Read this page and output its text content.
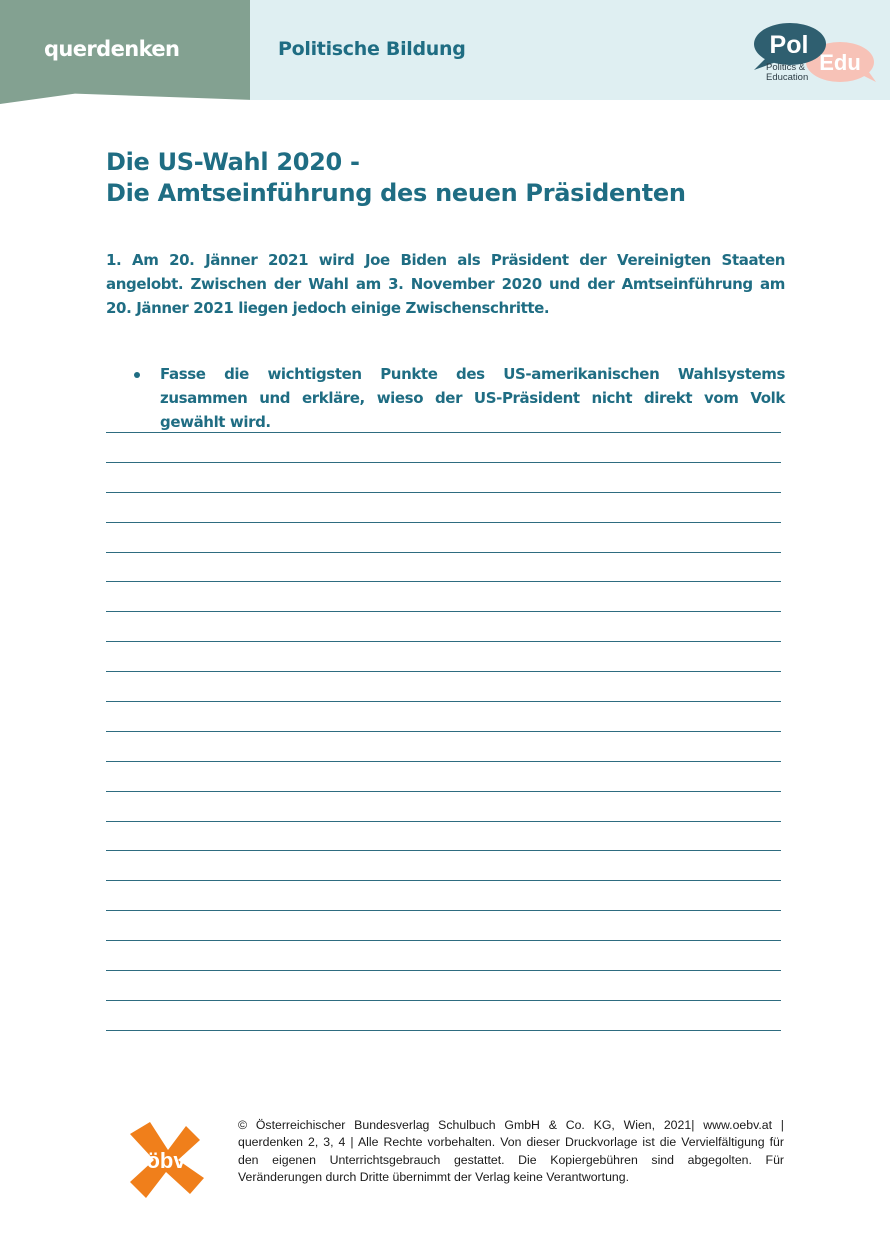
querdenken	Politische Bildung	Pol
Edu
Politics &
Education
Die US-Wahl 2020 -
Die Amtseinführung des neuen Präsidenten

1. Am 20. Jänner 2021 wird Joe Biden als Präsident der Vereinigten Staaten angelobt. Zwischen der Wahl am 3. November 2020 und der Amtseinführung am 20. Jänner 2021 liegen jedoch einige Zwischenschritte.

Fasse die wichtigsten Punkte des US-amerikanischen Wahlsystems zusammen und erkläre, wieso der US-Präsident nicht direkt vom Volk gewählt wird.

öbv

© Österreichischer Bundesverlag Schulbuch GmbH & Co. KG, Wien, 2021| www.oebv.at | querdenken 2, 3, 4 | Alle Rechte vorbehalten. Von dieser Druckvorlage ist die Vervielfältigung für den eigenen Unterrichtsgebrauch gestattet. Die Kopiergebühren sind abgegolten. Für Veränderungen durch Dritte übernimmt der Verlag keine Verantwortung.
